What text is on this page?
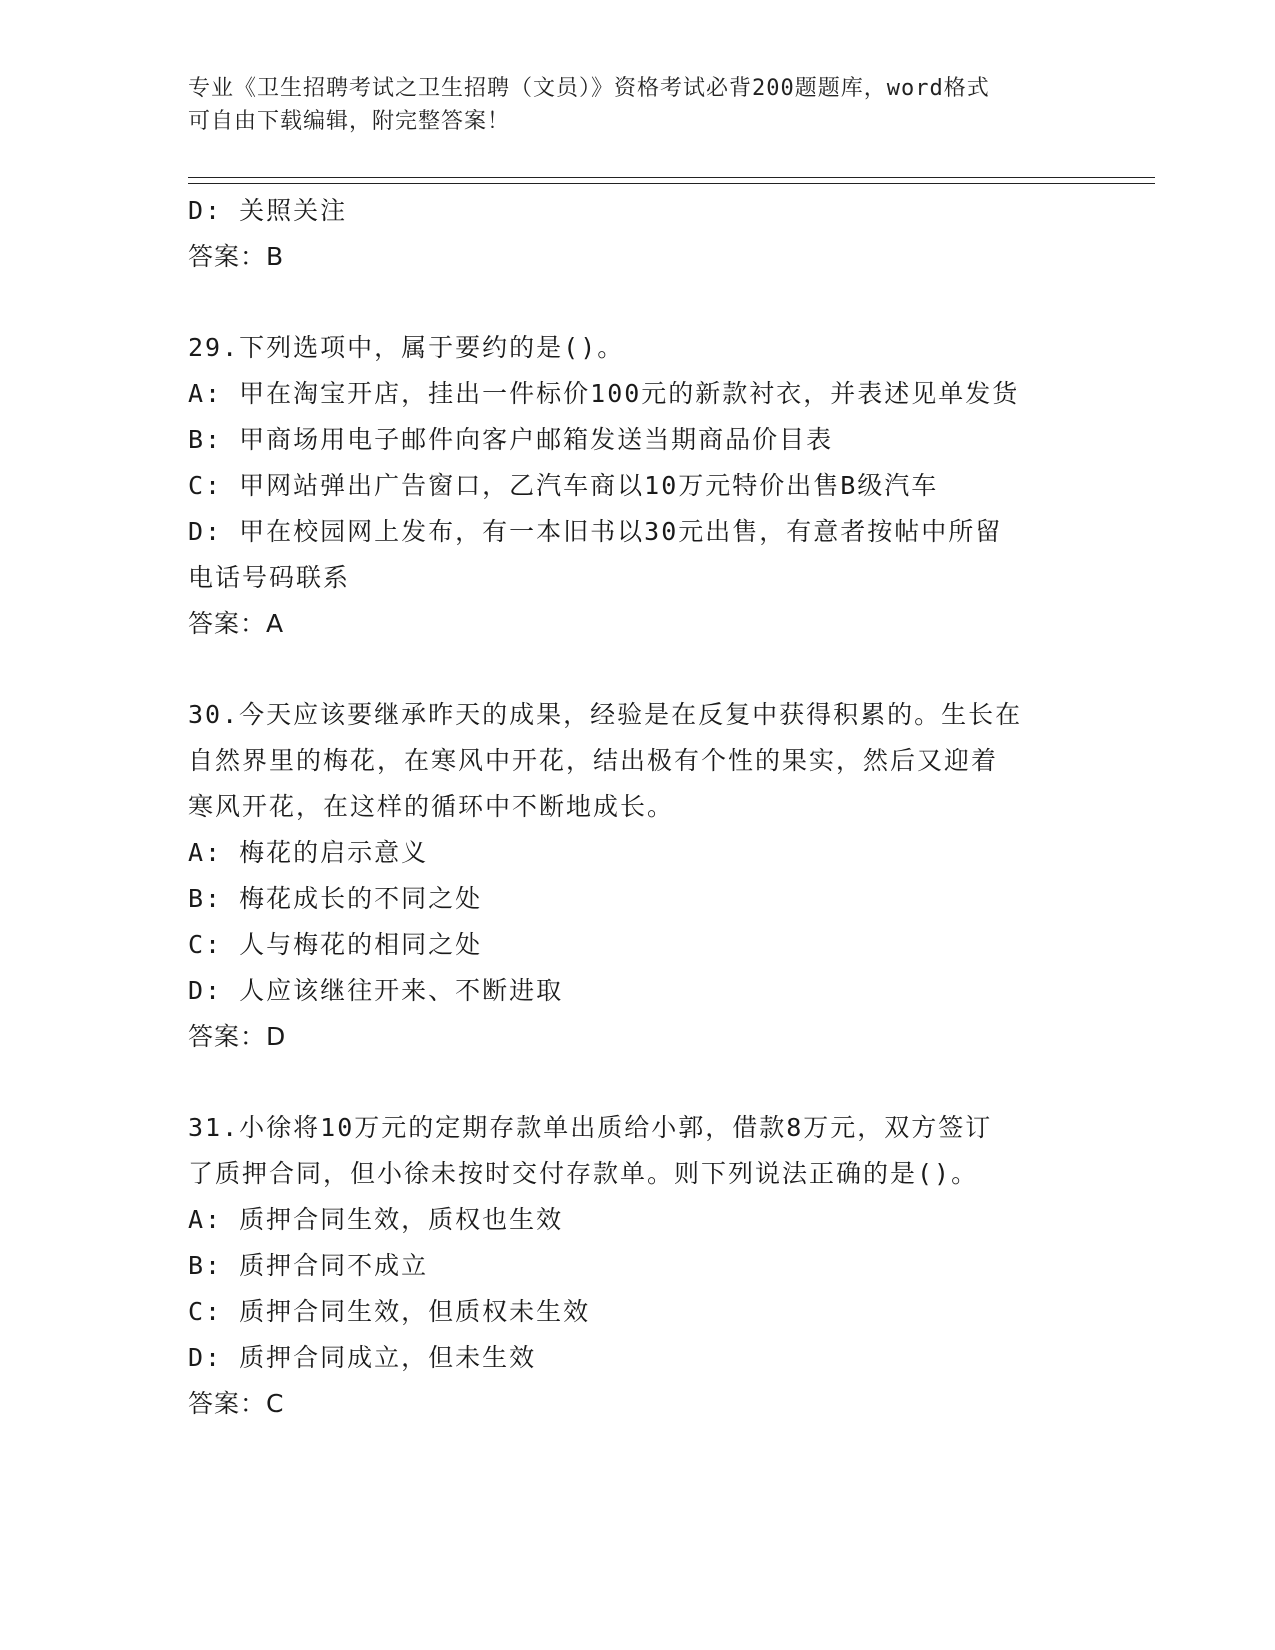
专业《卫生招聘考试之卫生招聘（文员）》资格考试必背200题题库，word格式
可自由下载编辑，附完整答案！
D: 关照关注
答案：B
29.下列选项中，属于要约的是()。
A: 甲在淘宝开店，挂出一件标价100元的新款衬衣，并表述见单发货
B: 甲商场用电子邮件向客户邮箱发送当期商品价目表
C: 甲网站弹出广告窗口，乙汽车商以10万元特价出售B级汽车
D: 甲在校园网上发布，有一本旧书以30元出售，有意者按帖中所留
电话号码联系
答案：A
30.今天应该要继承昨天的成果，经验是在反复中获得积累的。生长在
自然界里的梅花，在寒风中开花，结出极有个性的果实，然后又迎着
寒风开花，在这样的循环中不断地成长。
A: 梅花的启示意义
B: 梅花成长的不同之处
C: 人与梅花的相同之处
D: 人应该继往开来、不断进取
答案：D
31.小徐将10万元的定期存款单出质给小郭，借款8万元，双方签订
了质押合同，但小徐未按时交付存款单。则下列说法正确的是()。
A: 质押合同生效，质权也生效
B: 质押合同不成立
C: 质押合同生效，但质权未生效
D: 质押合同成立，但未生效
答案：C
